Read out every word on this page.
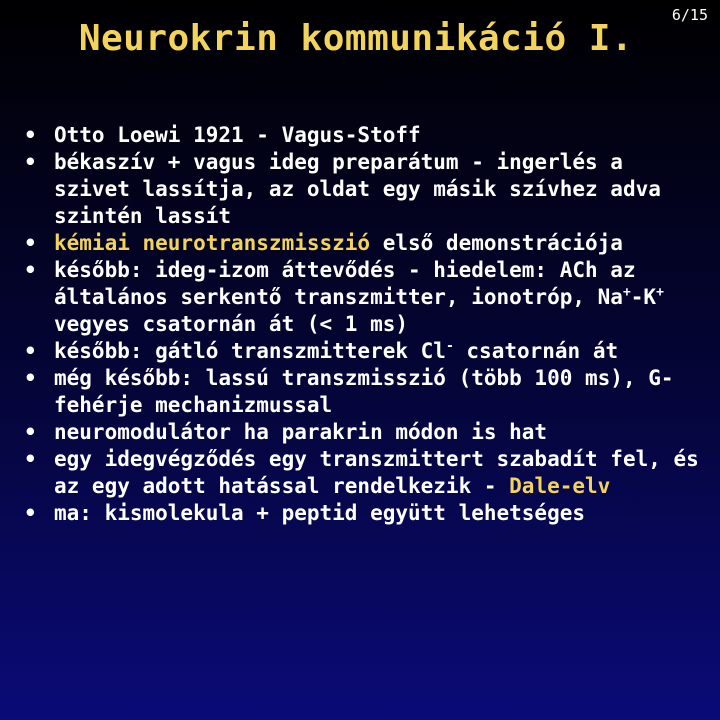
Neurokrin kommunikáció I.
6/15
• Otto Loewi 1921 - Vagus-Stoff
• békaszív + vagus ideg preparátum - ingerlés a szivet lassítja, az oldat egy másik szívhez adva szintén lassít
• kémiai neurotranszmisszió első demonstrációja
• később: ideg-izom áttevődés - hiedelem: ACh az általános serkentő transzmitter, ionotróp, Na+-K+ vegyes csatornán át (< 1 ms)
• később: gátló transzmitterek Cl- csatornán át
• még később: lassú transzmisszió (több 100 ms), G-fehérje mechanizmussal
• neuromodulátor ha parakrin módon is hat
• egy idegvégződés egy transzmittert szabadít fel, és az egy adott hatással rendelkezik - Dale-elv
• ma: kismolekula + peptid együtt lehetséges
